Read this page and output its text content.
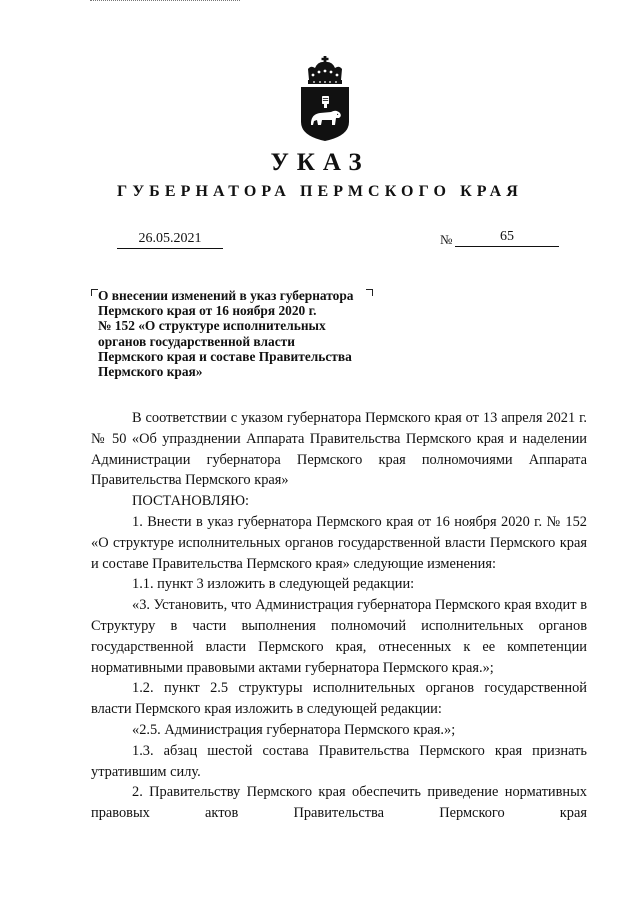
УКАЗ
ГУБЕРНАТОРА ПЕРМСКОГО КРАЯ
26.05.2021	№	65
О внесении изменений в указ губернатора
Пермского края от 16 ноября 2020 г.
№ 152 «О структуре исполнительных
органов государственной власти
Пермского края и составе Правительства
Пермского края»

В соответствии с указом губернатора Пермского края от 13 апреля 2021 г. № 50 «Об упразднении Аппарата Правительства Пермского края и наделении Администрации губернатора Пермского края полномочиями Аппарата Правительства Пермского края»

ПОСТАНОВЛЯЮ:

1. Внести в указ губернатора Пермского края от 16 ноября 2020 г. № 152 «О структуре исполнительных органов государственной власти Пермского края и составе Правительства Пермского края» следующие изменения:

1.1. пункт 3 изложить в следующей редакции:

«3. Установить, что Администрация губернатора Пермского края входит в Структуру в части выполнения полномочий исполнительных органов государственной власти Пермского края, отнесенных к ее компетенции нормативными правовыми актами губернатора Пермского края.»;

1.2. пункт 2.5 структуры исполнительных органов государственной власти Пермского края изложить в следующей редакции:

«2.5. Администрация губернатора Пермского края.»;

1.3. абзац шестой состава Правительства Пермского края признать утратившим силу.

2. Правительству Пермского края обеспечить приведение нормативных правовых актов Правительства Пермского края
